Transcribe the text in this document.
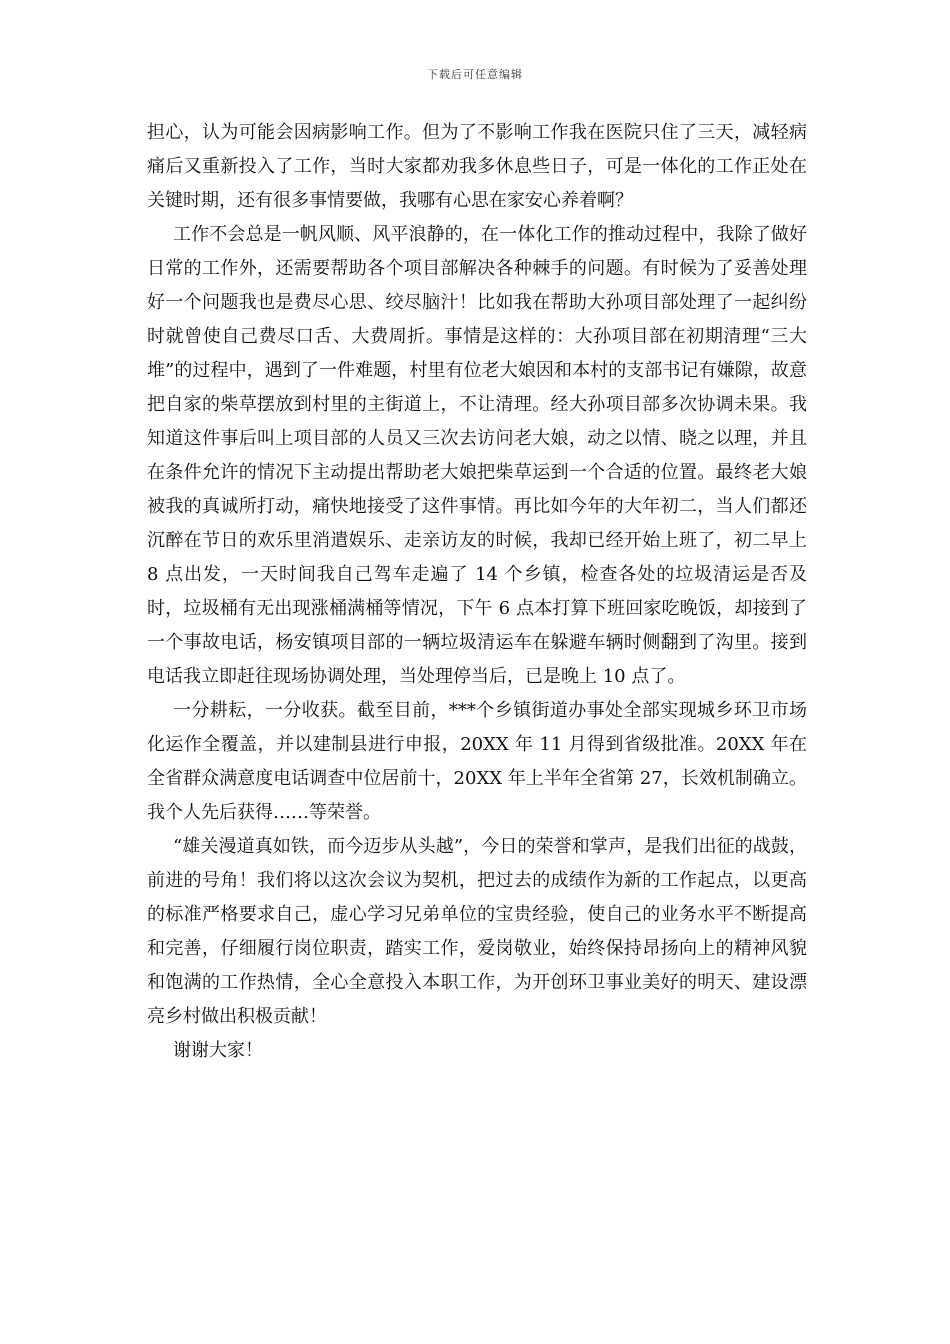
下载后可任意编辑

担心，认为可能会因病影响工作。但为了不影响工作我在医院只住了三天，减轻病痛后又重新投入了工作，当时大家都劝我多休息些日子，可是一体化的工作正处在关键时期，还有很多事情要做，我哪有心思在家安心养着啊？

工作不会总是一帆风顺、风平浪静的，在一体化工作的推动过程中，我除了做好日常的工作外，还需要帮助各个项目部解决各种棘手的问题。有时候为了妥善处理好一个问题我也是费尽心思、绞尽脑汁！比如我在帮助大孙项目部处理了一起纠纷时就曾使自己费尽口舌、大费周折。事情是这样的：大孙项目部在初期清理“三大堆”的过程中，遇到了一件难题，村里有位老大娘因和本村的支部书记有嫌隙，故意把自家的柴草摆放到村里的主街道上，不让清理。经大孙项目部多次协调未果。我知道这件事后叫上项目部的人员又三次去访问老大娘，动之以情、晓之以理，并且在条件允许的情况下主动提出帮助老大娘把柴草运到一个合适的位置。最终老大娘被我的真诚所打动，痛快地接受了这件事情。再比如今年的大年初二，当人们都还沉醉在节日的欢乐里消遣娱乐、走亲访友的时候，我却已经开始上班了，初二早上 8 点出发，一天时间我自己驾车走遍了 14 个乡镇，检查各处的垃圾清运是否及时，垃圾桶有无出现涨桶满桶等情况，下午 6 点本打算下班回家吃晚饭，却接到了一个事故电话，杨安镇项目部的一辆垃圾清运车在躲避车辆时侧翻到了沟里。接到电话我立即赶往现场协调处理，当处理停当后，已是晚上 10 点了。

一分耕耘，一分收获。截至目前，***个乡镇街道办事处全部实现城乡环卫市场化运作全覆盖，并以建制县进行申报，20XX 年 11 月得到省级批准。20XX 年在全省群众满意度电话调查中位居前十，20XX 年上半年全省第 27，长效机制确立。我个人先后获得……等荣誉。

“雄关漫道真如铁，而今迈步从头越”，今日的荣誉和掌声，是我们出征的战鼓，前进的号角！我们将以这次会议为契机，把过去的成绩作为新的工作起点，以更高的标准严格要求自己，虚心学习兄弟单位的宝贵经验，使自己的业务水平不断提高和完善，仔细履行岗位职责，踏实工作，爱岗敬业，始终保持昂扬向上的精神风貌和饱满的工作热情，全心全意投入本职工作，为开创环卫事业美好的明天、建设漂亮乡村做出积极贡献！

谢谢大家！
